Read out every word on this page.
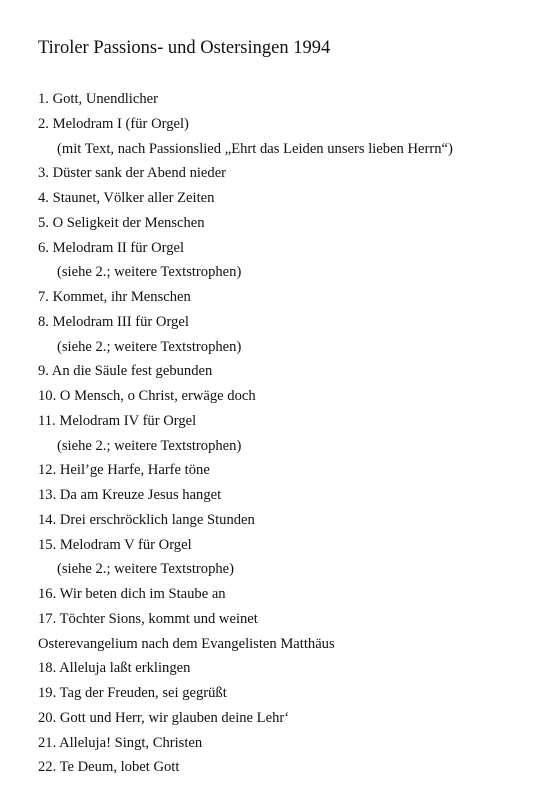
Tiroler Passions- und Ostersingen 1994
1. Gott, Unendlicher
2. Melodram I (für Orgel)
(mit Text, nach Passionslied „Ehrt das Leiden unsers lieben Herrn“)
3. Düster sank der Abend nieder
4. Staunet, Völker aller Zeiten
5. O Seligkeit der Menschen
6. Melodram II für Orgel
(siehe 2.; weitere Textstrophen)
7. Kommet, ihr Menschen
8. Melodram III für Orgel
(siehe 2.; weitere Textstrophen)
9. An die Säule fest gebunden
10. O Mensch, o Christ, erwäge doch
11. Melodram IV für Orgel
(siehe 2.; weitere Textstrophen)
12. Heil’ge Harfe, Harfe töne
13. Da am Kreuze Jesus hanget
14. Drei erschröcklich lange Stunden
15. Melodram V für Orgel
(siehe 2.; weitere Textstrophe)
16. Wir beten dich im Staube an
17. Töchter Sions, kommt und weinet
Osterevangelium nach dem Evangelisten Matthäus
18. Alleluja laßt erklingen
19. Tag der Freuden, sei gegrüßt
20. Gott und Herr, wir glauben deine Lehr‘
21. Alleluja! Singt, Christen
22. Te Deum, lobet Gott
